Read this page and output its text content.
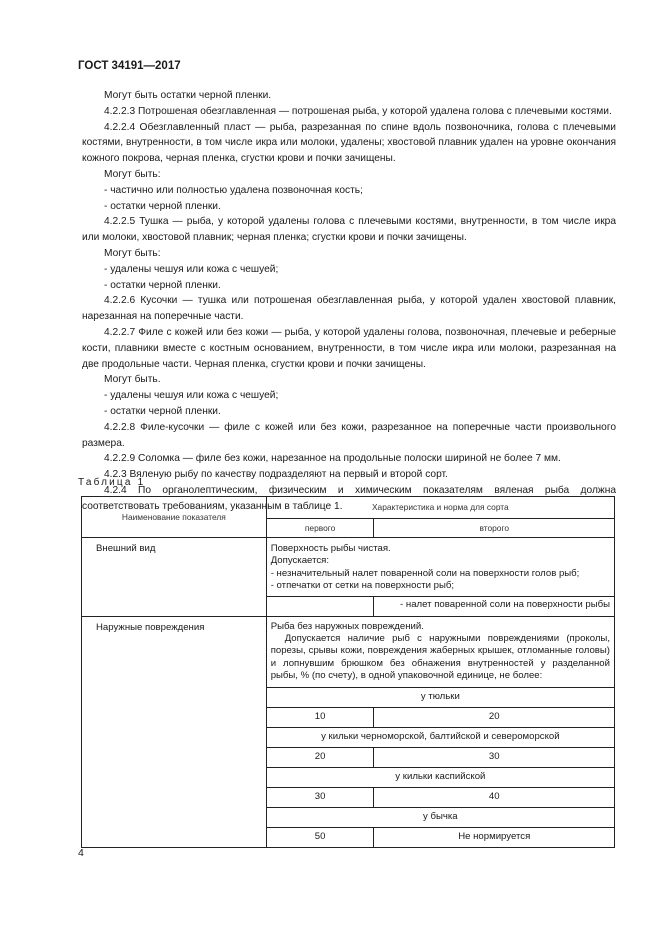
ГОСТ 34191—2017

Могут быть остатки черной пленки.

4.2.2.3 Потрошеная обезглавленная — потрошеная рыба, у которой удалена голова с плечевыми костями.

4.2.2.4 Обезглавленный пласт — рыба, разрезанная по спине вдоль позвоночника, голова с плечевыми костями, внутренности, в том числе икра или молоки, удалены; хвостовой плавник удален на уровне окончания кожного покрова, черная пленка, сгустки крови и почки зачищены.

Могут быть:

- частично или полностью удалена позвоночная кость;

- остатки черной пленки.

4.2.2.5 Тушка — рыба, у которой удалены голова с плечевыми костями, внутренности, в том числе икра или молоки, хвостовой плавник; черная пленка; сгустки крови и почки зачищены.

Могут быть:

- удалены чешуя или кожа с чешуей;

- остатки черной пленки.

4.2.2.6 Кусочки — тушка или потрошеная обезглавленная рыба, у которой удален хвостовой плавник, нарезанная на поперечные части.

4.2.2.7 Филе с кожей или без кожи — рыба, у которой удалены голова, позвоночная, плечевые и реберные кости, плавники вместе с костным основанием, внутренности, в том числе икра или молоки, разрезанная на две продольные части. Черная пленка, сгустки крови и почки зачищены.

Могут быть.

- удалены чешуя или кожа с чешуей;

- остатки черной пленки.

4.2.2.8 Филе-кусочки — филе с кожей или без кожи, разрезанное на поперечные части произвольного размера.

4.2.2.9 Соломка — филе без кожи, нарезанное на продольные полоски шириной не более 7 мм.

4.2.3 Вяленую рыбу по качеству подразделяют на первый и второй сорт.

4.2.4 По органолептическим, физическим и химическим показателям вяленая рыба должна соответствовать требованиям, указанным в таблице 1.

Таблица 1
Наименование показателя	Характеристика и норма для сорта	
	первого	второго
Внешний вид	Поверхность рыбы чистая.
Допускается:
- незначительный налет поваренной соли на поверхности голов рыб;
- отпечатки от сетки на поверхности рыб;	

		- налет поваренной соли на поверхности рыбы
Наружные повреждения	Рыба без наружных повреждений.
Допускается наличие рыб с наружными повреждениями (проколы, порезы, срывы кожи, повреждения жаберных крышек, отломанные головы) и лопнувшим брюшком без обнажения внутренностей у разделанной рыбы, % (по счету), в одной упаковочной единице, не более:	

	у тюльки	
	10	20
	у кильки черноморской, балтийской и североморской	
	20	30
	у кильки каспийской	
	30	40
	у бычка	
	50	Не нормируется
4
